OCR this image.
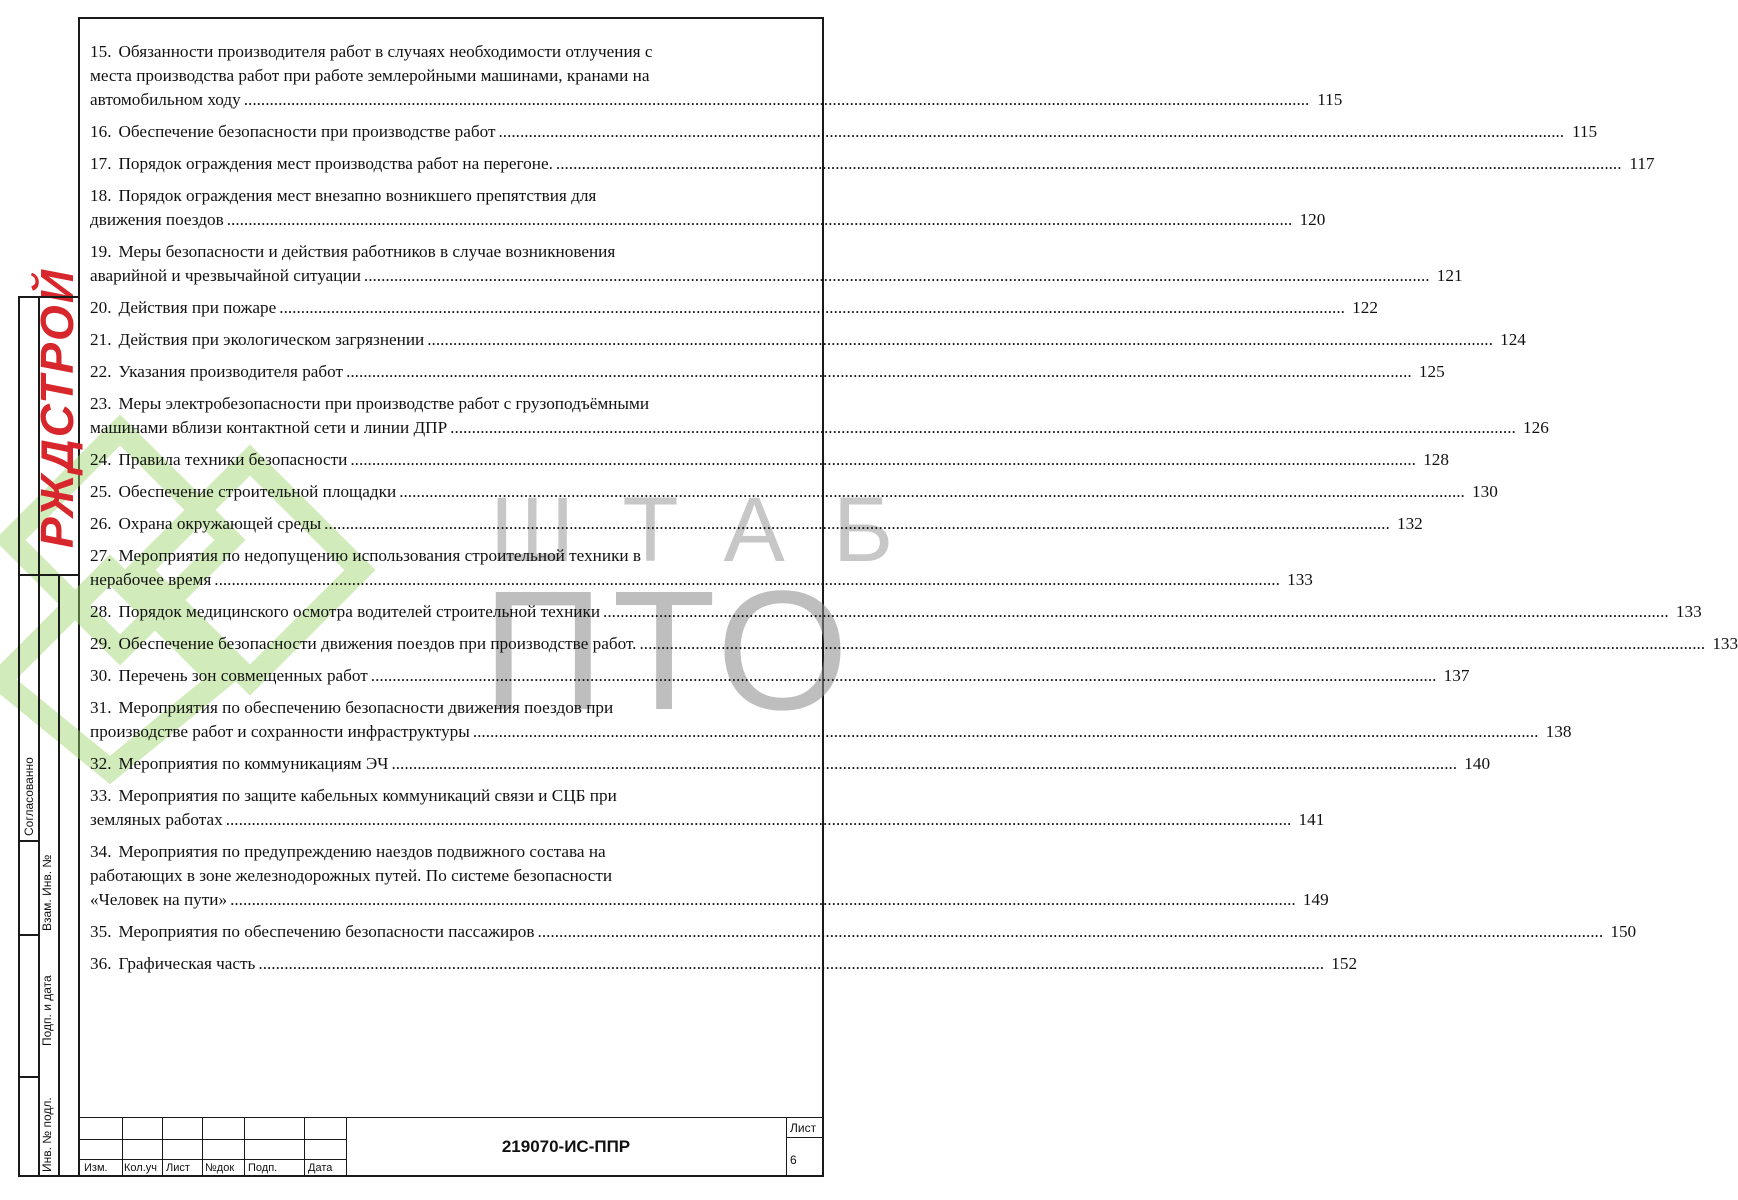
РЖДСТРОЙ	ШТАБ
ПТО
15. Обязанности производителя работ в случаях необходимости отлучения с
места производства работ при работе землеройными машинами, кранами на
автомобильном ходу .....	115
16. Обеспечение безопасности при производстве работ .....	115
17. Порядок ограждения мест производства работ на перегоне. .....	117
18. Порядок ограждения мест внезапно возникшего препятствия для
движения поездов .....	120
19. Меры безопасности и действия работников в случае возникновения
аварийной и чрезвычайной ситуации .....	121
20. Действия при пожаре .....	122
21. Действия при экологическом загрязнении .....	124
22. Указания производителя работ .....	125
23. Меры электробезопасности при производстве работ с грузоподъёмными
машинами вблизи контактной сети и линии ДПР .....	126
24. Правила техники безопасности .....	128
25. Обеспечение строительной площадки .....	130
26. Охрана окружающей среды .....	132
27. Мероприятия по недопущению использования строительной техники в
нерабочее время .....	133
28. Порядок медицинского осмотра водителей строительной техники .....	133
29. Обеспечение безопасности движения поездов при производстве работ. .....	133
30. Перечень зон совмещенных работ .....	137
31. Мероприятия по обеспечению безопасности движения поездов при
производстве работ и сохранности инфраструктуры .....	138
32. Мероприятия по коммуникациям ЭЧ .....	140
33. Мероприятия по защите кабельных коммуникаций связи и СЦБ при
земляных работах .....	141
34. Мероприятия по предупреждению наездов подвижного состава на
работающих в зоне железнодорожных путей. По системе безопасности
«Человек на пути» .....	149
35. Мероприятия по обеспечению безопасности пассажиров .....	150
36. Графическая часть .....	152
Согласованно
Взам. Инв. №
Подп. и дата
Инв. № подл.	Изм. Кол.уч Лист №док Подп.	Дата
219070-ИС-ППР
Лист
6
